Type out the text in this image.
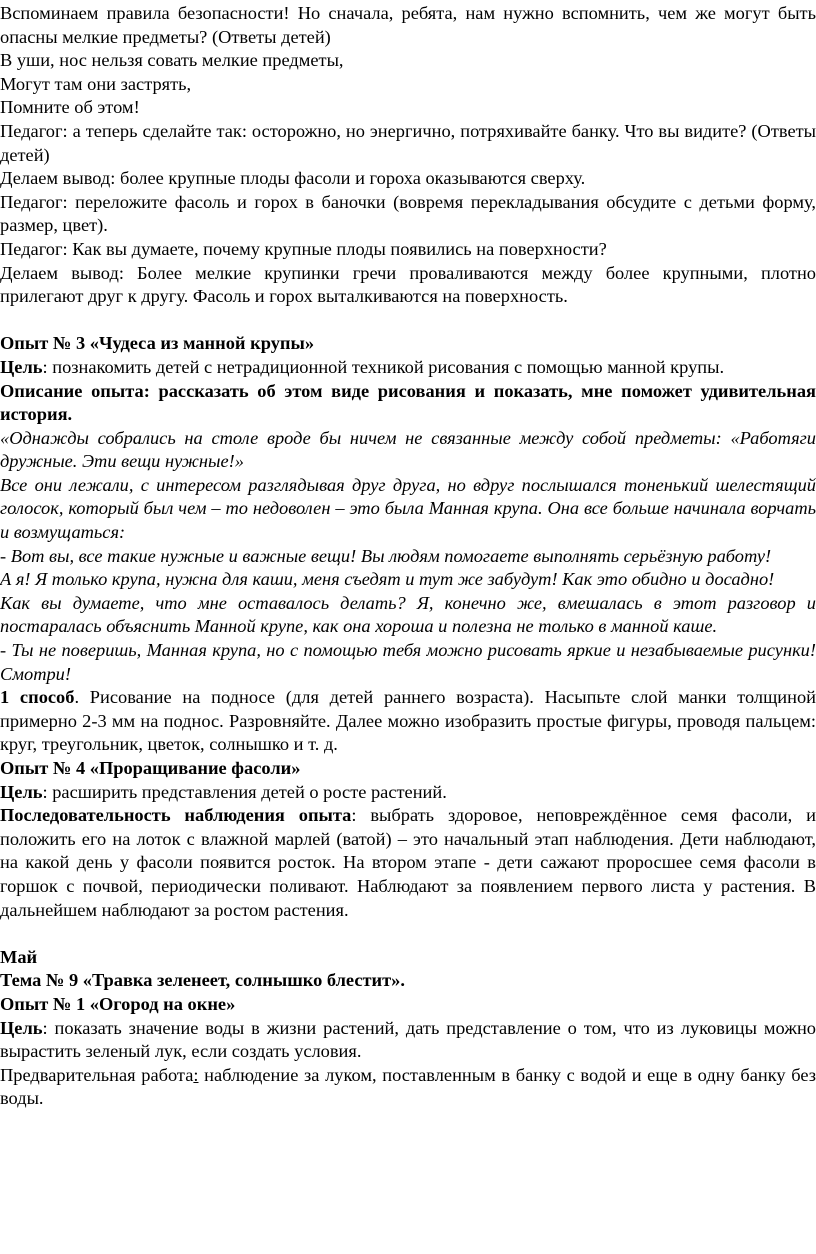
Вспоминаем правила безопасности! Но сначала, ребята, нам нужно вспомнить, чем же могут быть опасны мелкие предметы? (Ответы детей)

В уши, нос нельзя совать мелкие предметы,

Могут там они застрять,

Помните об этом!

Педагог: а теперь сделайте так: осторожно, но энергично, потряхивайте банку. Что вы видите? (Ответы детей)

Делаем вывод: более крупные плоды фасоли и гороха оказываются сверху.

Педагог: переложите фасоль и горох в баночки (вовремя перекладывания обсудите с детьми форму, размер, цвет).

Педагог: Как вы думаете, почему крупные плоды появились на поверхности?

Делаем вывод: Более мелкие крупинки гречи проваливаются между более крупными, плотно прилегают друг к другу. Фасоль и горох выталкиваются на поверхность.

Опыт № 3 «Чудеса из манной крупы»

Цель: познакомить детей с нетрадиционной техникой рисования с помощью манной крупы.

Описание опыта: рассказать об этом виде рисования и показать, мне поможет удивительная история.

«Однажды собрались на столе вроде бы ничем не связанные между собой предметы: «Работяги дружные. Эти вещи нужные!»

Все они лежали, с интересом разглядывая друг друга, но вдруг послышался тоненький шелестящий голосок, который был чем – то недоволен – это была Манная крупа. Она все больше начинала ворчать и возмущаться:

- Вот вы, все такие нужные и важные вещи! Вы людям помогаете выполнять серьёзную работу!

А я! Я только крупа, нужна для каши, меня съедят и тут же забудут! Как это обидно и досадно!

Как вы думаете, что мне оставалось делать? Я, конечно же, вмешалась в этот разговор и постаралась объяснить Манной крупе, как она хороша и полезна не только в манной каше.

- Ты не поверишь, Манная крупа, но с помощью тебя можно рисовать яркие и незабываемые рисунки! Смотри!

1 способ. Рисование на подносе (для детей раннего возраста). Насыпьте слой манки толщиной примерно 2-3 мм на поднос. Разровняйте. Далее можно изобразить простые фигуры, проводя пальцем: круг, треугольник, цветок, солнышко и т. д.

Опыт № 4 «Проращивание фасоли»

Цель: расширить представления детей о росте растений.

Последовательность наблюдения опыта: выбрать здоровое, неповреждённое семя фасоли, и положить его на лоток с влажной марлей (ватой) – это начальный этап наблюдения. Дети наблюдают, на какой день у фасоли появится росток. На втором этапе - дети сажают проросшее семя фасоли в горшок с почвой, периодически поливают. Наблюдают за появлением первого листа у растения. В дальнейшем наблюдают за ростом растения.

Май

Тема № 9 «Травка зеленеет, солнышко блестит».

Опыт № 1 «Огород на окне»

Цель: показать значение воды в жизни растений, дать представление о том, что из луковицы можно вырастить зеленый лук, если создать условия.

Предварительная работа: наблюдение за луком, поставленным в банку с водой и еще в одну банку без воды.
